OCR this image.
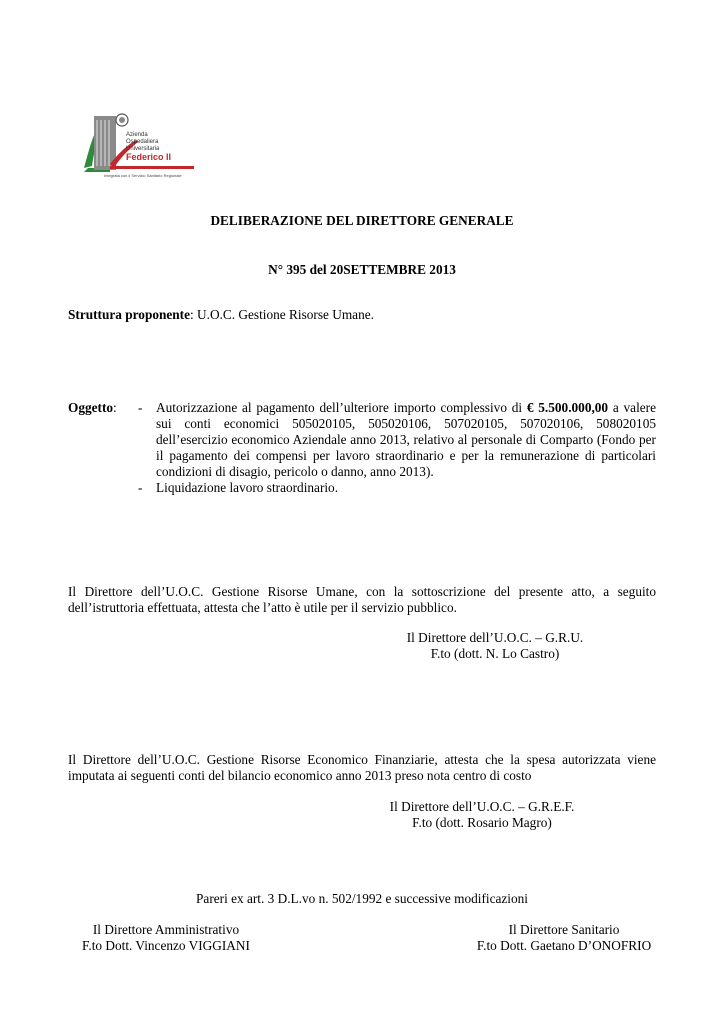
Azienda
Ospedaliera
Universitaria
Federico II
Integrata con il Servizio Sanitario Regionale
DELIBERAZIONE DEL DIRETTORE GENERALE
N° 395 del 20SETTEMBRE 2013
Struttura proponente: U.O.C. Gestione Risorse Umane.
Oggetto: -	Autorizzazione al pagamento dell’ulteriore importo complessivo di € 5.500.000,00 a valere sui conti economici 505020105, 505020106, 507020105, 507020106, 508020105 dell’esercizio economico Aziendale anno 2013, relativo al personale di Comparto (Fondo per il pagamento dei compensi per lavoro straordinario e per la remunerazione di particolari condizioni di disagio, pericolo o danno, anno 2013).
-	Liquidazione lavoro straordinario.
Il Direttore dell’U.O.C. Gestione Risorse Umane, con la sottoscrizione del presente atto, a seguito dell’istruttoria effettuata, attesta che l’atto è utile per il servizio pubblico.
Il Direttore dell’U.O.C. – G.R.U.
F.to (dott. N. Lo Castro)
Il Direttore dell’U.O.C. Gestione Risorse Economico Finanziarie, attesta che la spesa autorizzata viene imputata ai seguenti conti del bilancio economico anno 2013 preso nota centro di costo
Il Direttore dell’U.O.C. – G.R.E.F.
F.to (dott. Rosario Magro)
Pareri ex art. 3 D.L.vo n. 502/1992 e successive modificazioni
Il Direttore Amministrativo
F.to Dott. Vincenzo VIGGIANI
Il Direttore Sanitario
F.to Dott. Gaetano D’ONOFRIO
